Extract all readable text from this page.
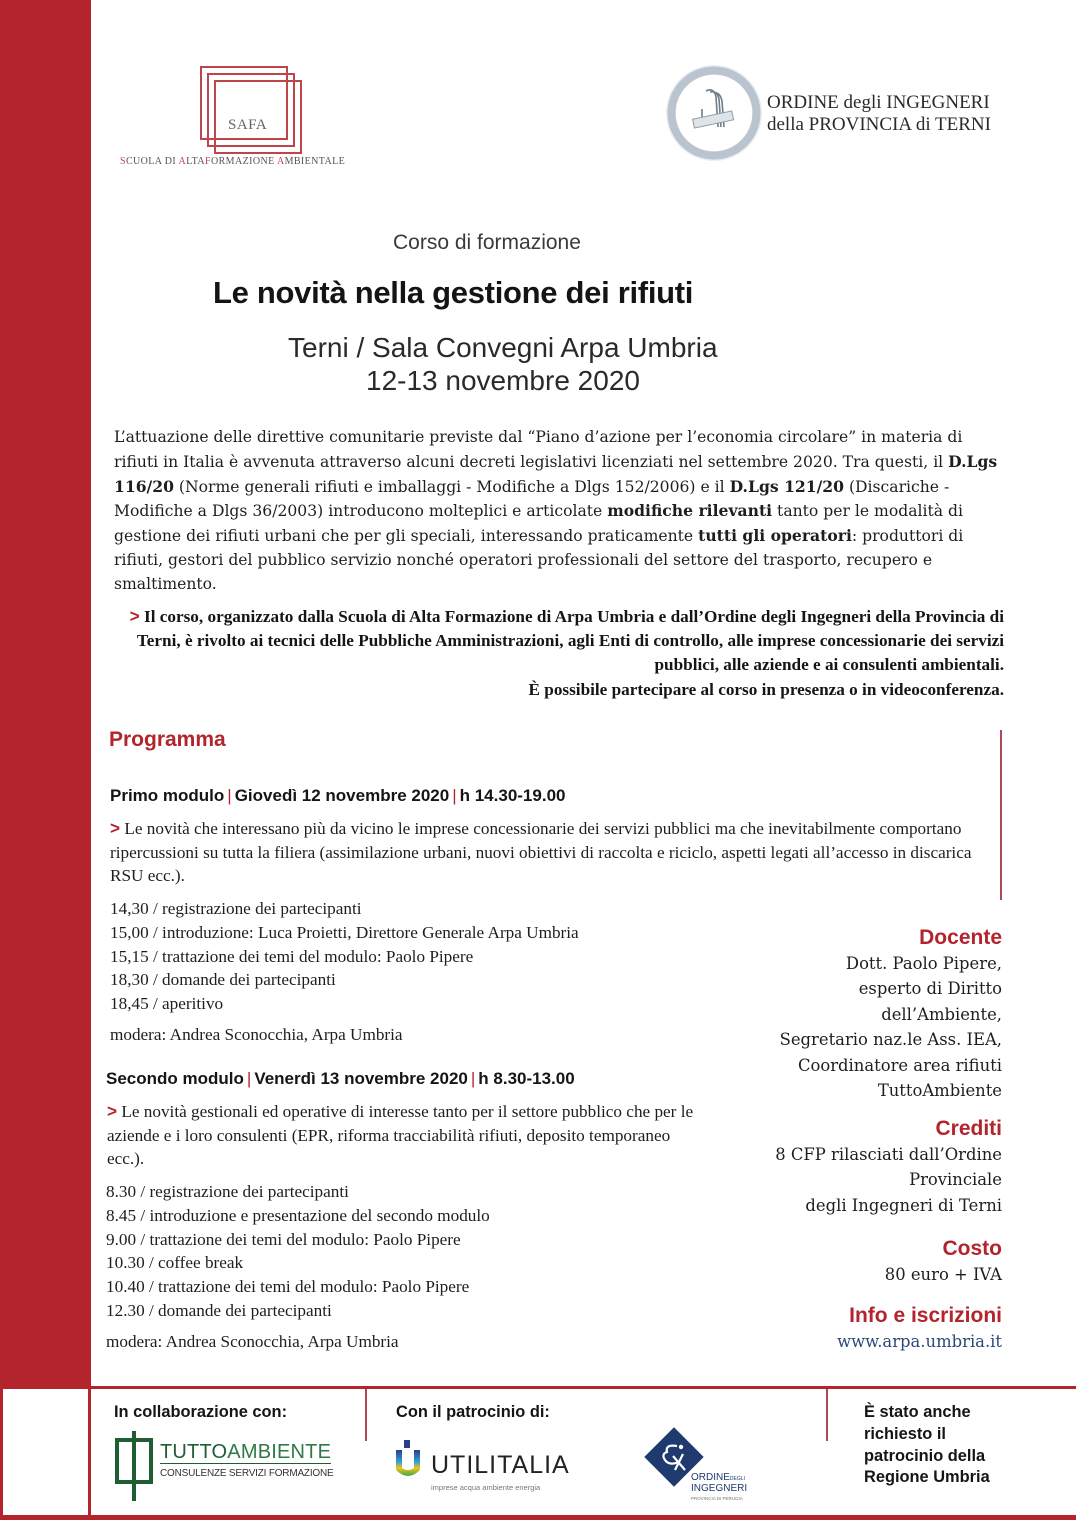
SAFA
SCUOLA DI ALTAFORMAZIONE AMBIENTALE
ORDINE degli INGEGNERI
della PROVINCIA di TERNI
Corso di formazione
Le novità nella gestione dei rifiuti
Terni / Sala Convegni Arpa Umbria
12-13 novembre 2020

L’attuazione delle direttive comunitarie previste dal “Piano d’azione per l’economia circolare” in materia di rifiuti in Italia è avvenuta attraverso alcuni decreti legislativi licenziati nel settembre 2020. Tra questi, il D.Lgs 116/20 (Norme generali rifiuti e imballaggi - Modifiche a Dlgs 152/2006) e il D.Lgs 121/20 (Discariche - Modifiche a Dlgs 36/2003) introducono molteplici e articolate modifiche rilevanti tanto per le modalità di gestione dei rifiuti urbani che per gli speciali, interessando praticamente tutti gli operatori: produttori di rifiuti, gestori del pubblico servizio nonché operatori professionali del settore del trasporto, recupero e smaltimento.

> Il corso, organizzato dalla Scuola di Alta Formazione di Arpa Umbria e dall’Ordine degli Ingegneri della Provincia di Terni, è rivolto ai tecnici delle Pubbliche Amministrazioni, agli Enti di controllo, alle imprese concessionarie dei servizi pubblici, alle aziende e ai consulenti ambientali.
È possibile partecipare al corso in presenza o in videoconferenza.

Programma
Primo modulo | Giovedì 12 novembre 2020 | h 14.30-19.00

> Le novità che interessano più da vicino le imprese concessionarie dei servizi pubblici ma che inevitabilmente comportano ripercussioni su tutta la filiera (assimilazione urbani, nuovi obiettivi di raccolta e riciclo, aspetti legati all’accesso in discarica RSU ecc.).

14,30 / registrazione dei partecipanti
15,00 / introduzione: Luca Proietti, Direttore Generale Arpa Umbria
15,15 / trattazione dei temi del modulo: Paolo Pipere
18,30 / domande dei partecipanti
18,45 / aperitivo
modera: Andrea Sconocchia, Arpa Umbria
Secondo modulo | Venerdì 13 novembre 2020 | h 8.30-13.00

> Le novità gestionali ed operative di interesse tanto per il settore pubblico che per le aziende e i loro consulenti (EPR, riforma tracciabilità rifiuti, deposito temporaneo ecc.).

8.30 / registrazione dei partecipanti
8.45 / introduzione e presentazione del secondo modulo
9.00 / trattazione dei temi del modulo: Paolo Pipere
10.30 / coffee break
10.40 / trattazione dei temi del modulo: Paolo Pipere
12.30 / domande dei partecipanti
modera: Andrea Sconocchia, Arpa Umbria
Docente
Dott. Paolo Pipere,
esperto di Diritto
dell’Ambiente,
Segretario naz.le Ass. IEA,
Coordinatore area rifiuti
TuttoAmbiente
Crediti
8 CFP rilasciati dall’Ordine
Provinciale
degli Ingegneri di Terni
Costo
80 euro + IVA
Info e iscrizioni
www.arpa.umbria.it
In collaborazione con:	Con il patrocinio di:
TUTTOAMBIENTE
CONSULENZE SERVIZI FORMAZIONE	UTILITALIA
imprese acqua ambiente energia
ORDINEDEGLI
INGEGNERI
PROVINCIA DI PERUGIA
È stato anche richiesto il patrocinio della Regione Umbria
